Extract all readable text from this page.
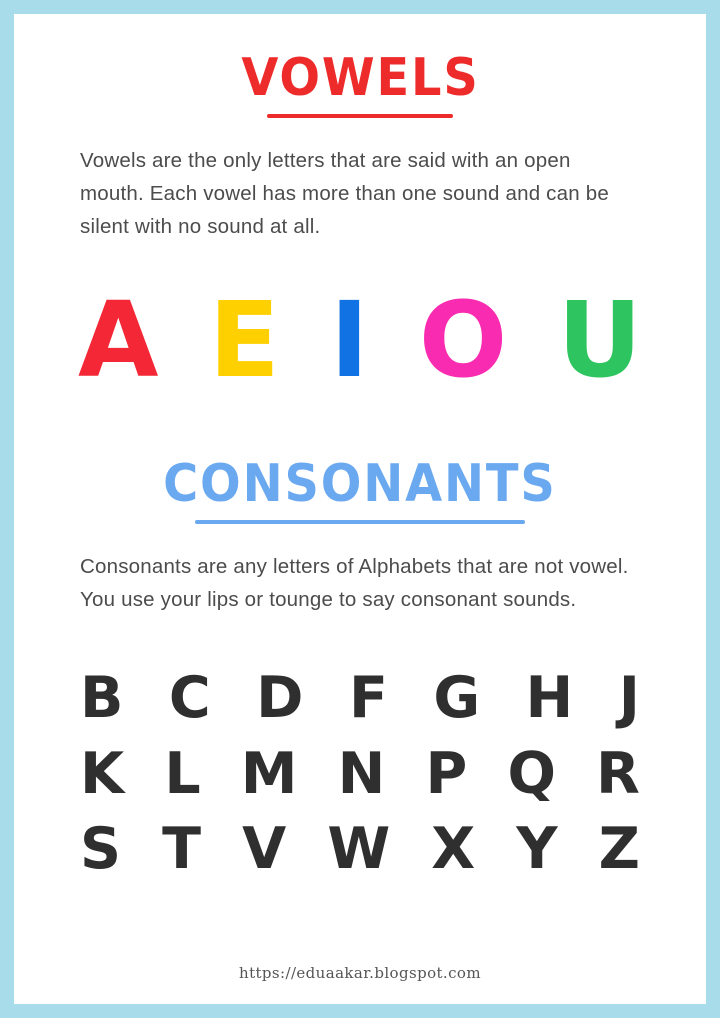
VOWELS

Vowels are the only letters that are said with an open mouth. Each vowel has more than one sound and can be silent with no sound at all.

A E I O U
CONSONANTS

Consonants are any letters of Alphabets that are not vowel. You use your lips or tounge to say consonant sounds.

B C D F G H J
K L M N P Q R
S T V W X Y Z
https://eduaakar.blogspot.com
